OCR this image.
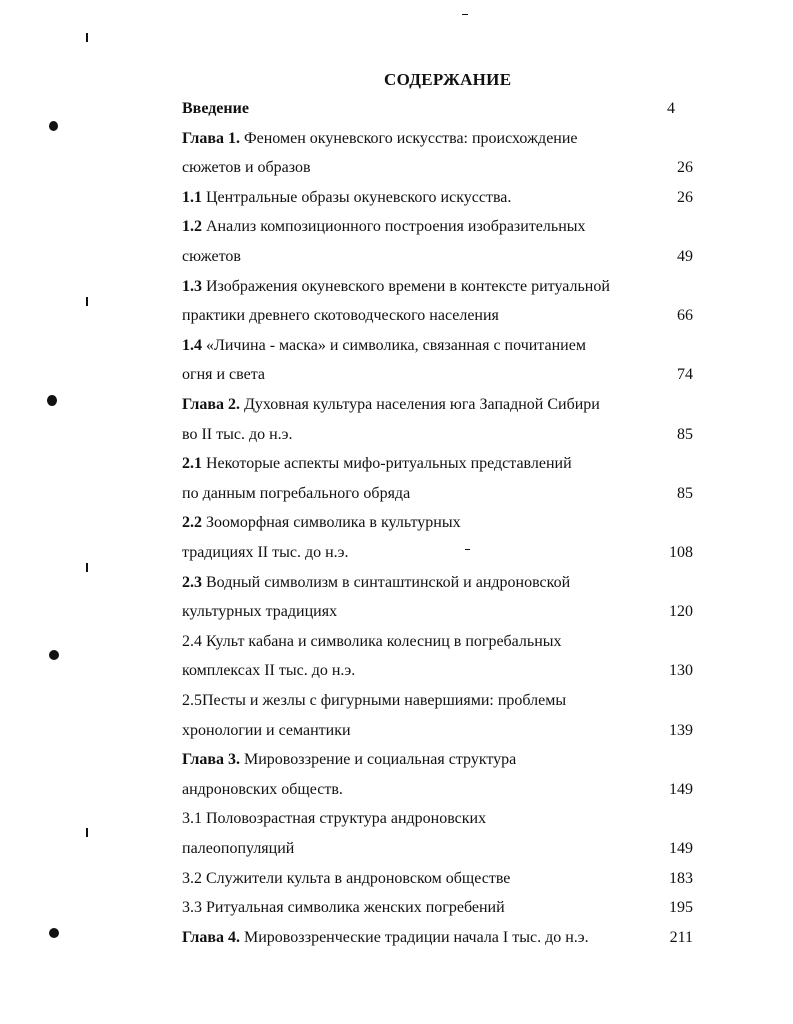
СОДЕРЖАНИЕ
Введение	4
Глава 1. Феномен окуневского искусства: происхождение
сюжетов и образов	26
1.1 Центральные образы окуневского искусства.	26
1.2 Анализ композиционного построения изобразительных
сюжетов	49
1.3 Изображения окуневского времени в контексте ритуальной
практики древнего скотоводческого населения	66
1.4 «Личина - маска» и символика, связанная с почитанием
огня и света	74
Глава 2. Духовная культура населения юга Западной Сибири
во II тыс. до н.э.	85
2.1 Некоторые аспекты мифо-ритуальных представлений
по данным погребального обряда	85
2.2 Зооморфная символика в культурных
традициях II тыс. до н.э.	108
2.3 Водный символизм в синташтинской и андроновской
культурных традициях	120
2.4 Культ кабана и символика колесниц в погребальных
комплексах II тыс. до н.э.	130
2.5Песты и жезлы с фигурными навершиями: проблемы
хронологии и семантики	139
Глава 3. Мировоззрение и социальная структура
андроновских обществ.	149
3.1 Половозрастная структура андроновских
палеопопуляций	149
3.2 Служители культа в андроновском обществе	183
3.3 Ритуальная символика женских погребений	195
Глава 4. Мировоззренческие традиции начала I тыс. до н.э.	211
